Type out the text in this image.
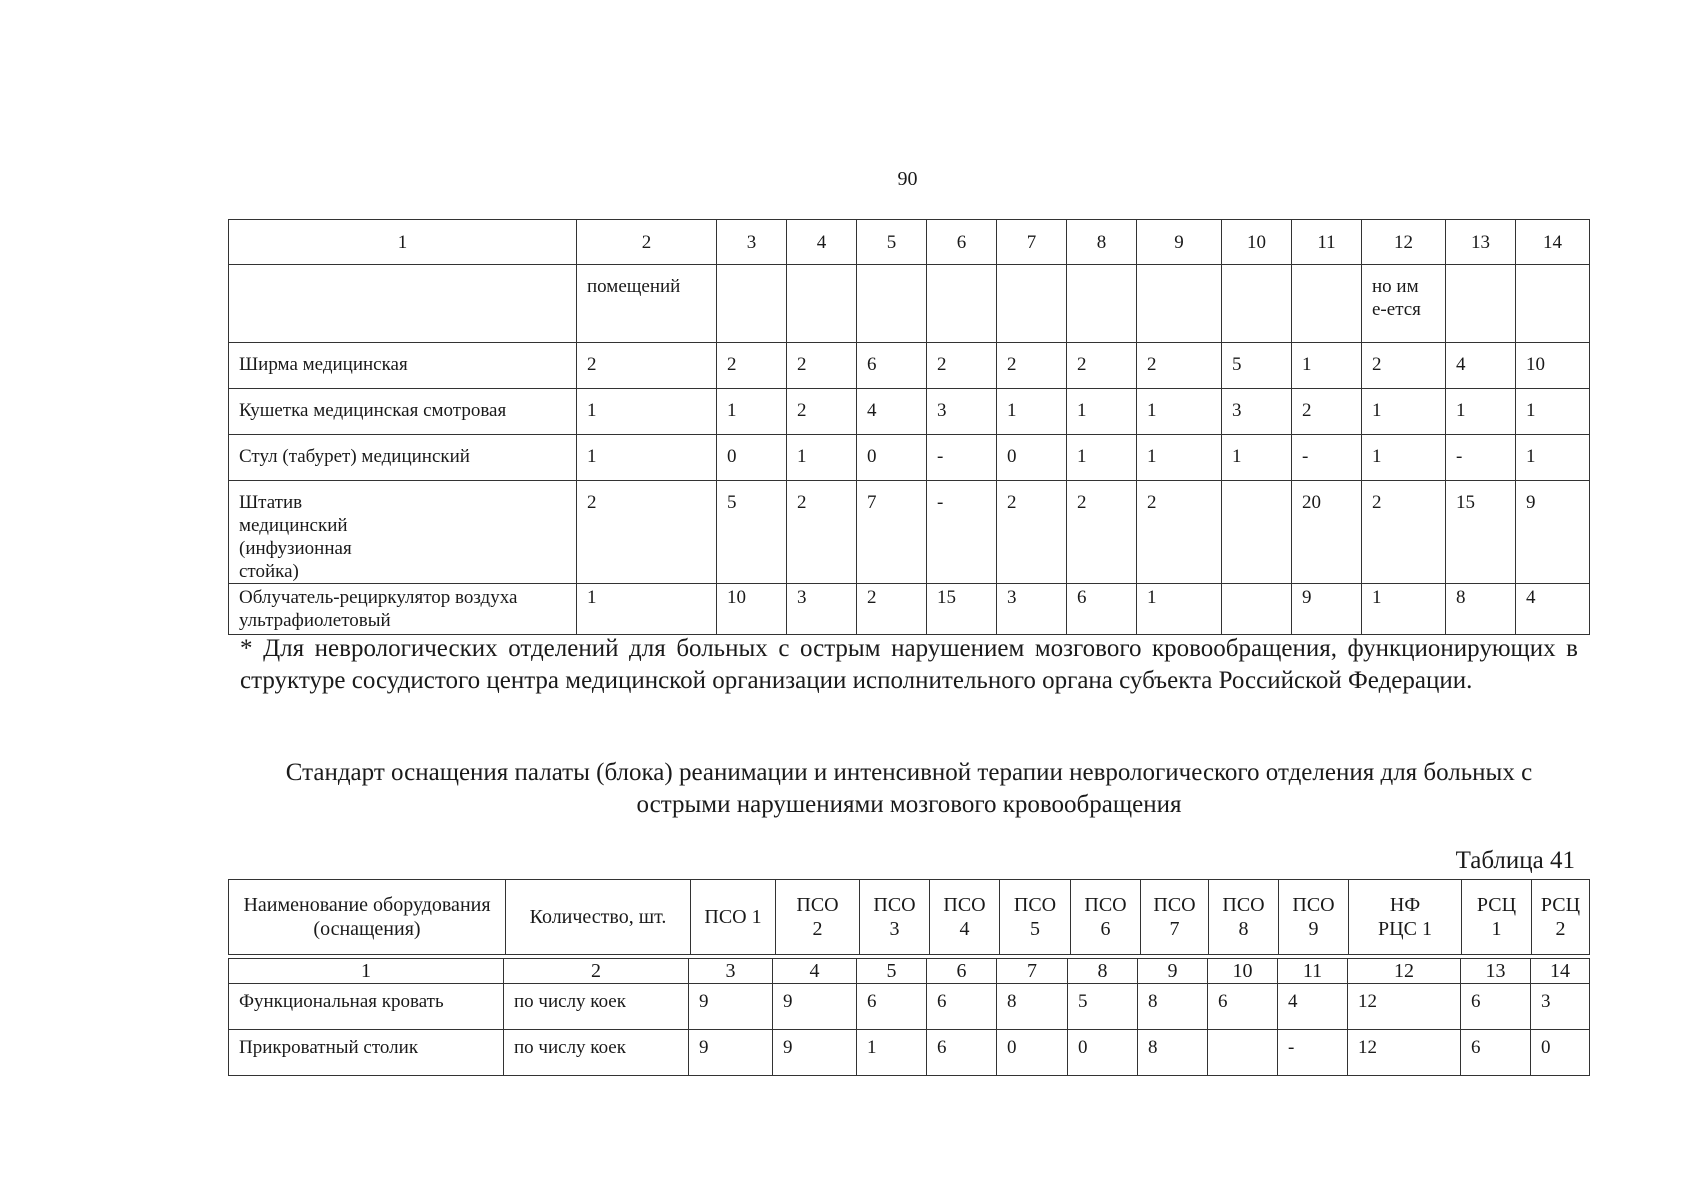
90
1	2	3	4	5	6	7	8	9	10	11	12	13	14
	помещений										но име-ется		
Ширма медицинская	2	2	2	6	2	2	2	2	5	1	2	4	10
Кушетка медицинская смотровая	1	1	2	4	3	1	1	1	3	2	1	1	1
Стул (табурет) медицинский	1	0	1	0	-	0	1	1	1	-	1	-	1
Штатив медицинский (инфузионная стойка)	2	5	2	7	-	2	2	2		20	2	15	9
Облучатель-рециркулятор воздуха ультрафиолетовый	1	10	3	2	15	3	6	1		9	1	8	4
* Для неврологических отделений для больных с острым нарушением мозгового кровообращения, функционирующих в структуре сосудистого центра медицинской организации исполнительного органа субъекта Российской Федерации.
Стандарт оснащения палаты (блока) реанимации и интенсивной терапии неврологического отделения для больных с острыми нарушениями мозгового кровообращения
Таблица 41
Наименование оборудования (оснащения)	Количество, шт.	ПСО 1	ПСО 2	ПСО 3	ПСО 4	ПСО 5	ПСО 6	ПСО 7	ПСО 8	ПСО 9	НФ РЦС 1	РСЦ 1	РСЦ 2
1	2	3	4	5	6	7	8	9	10	11	12	13	14
Функциональная кровать	по числу коек	9	9	6	6	8	5	8	6	4	12	6	3
Прикроватный столик	по числу коек	9	9	1	6	0	0	8		-	12	6	0
